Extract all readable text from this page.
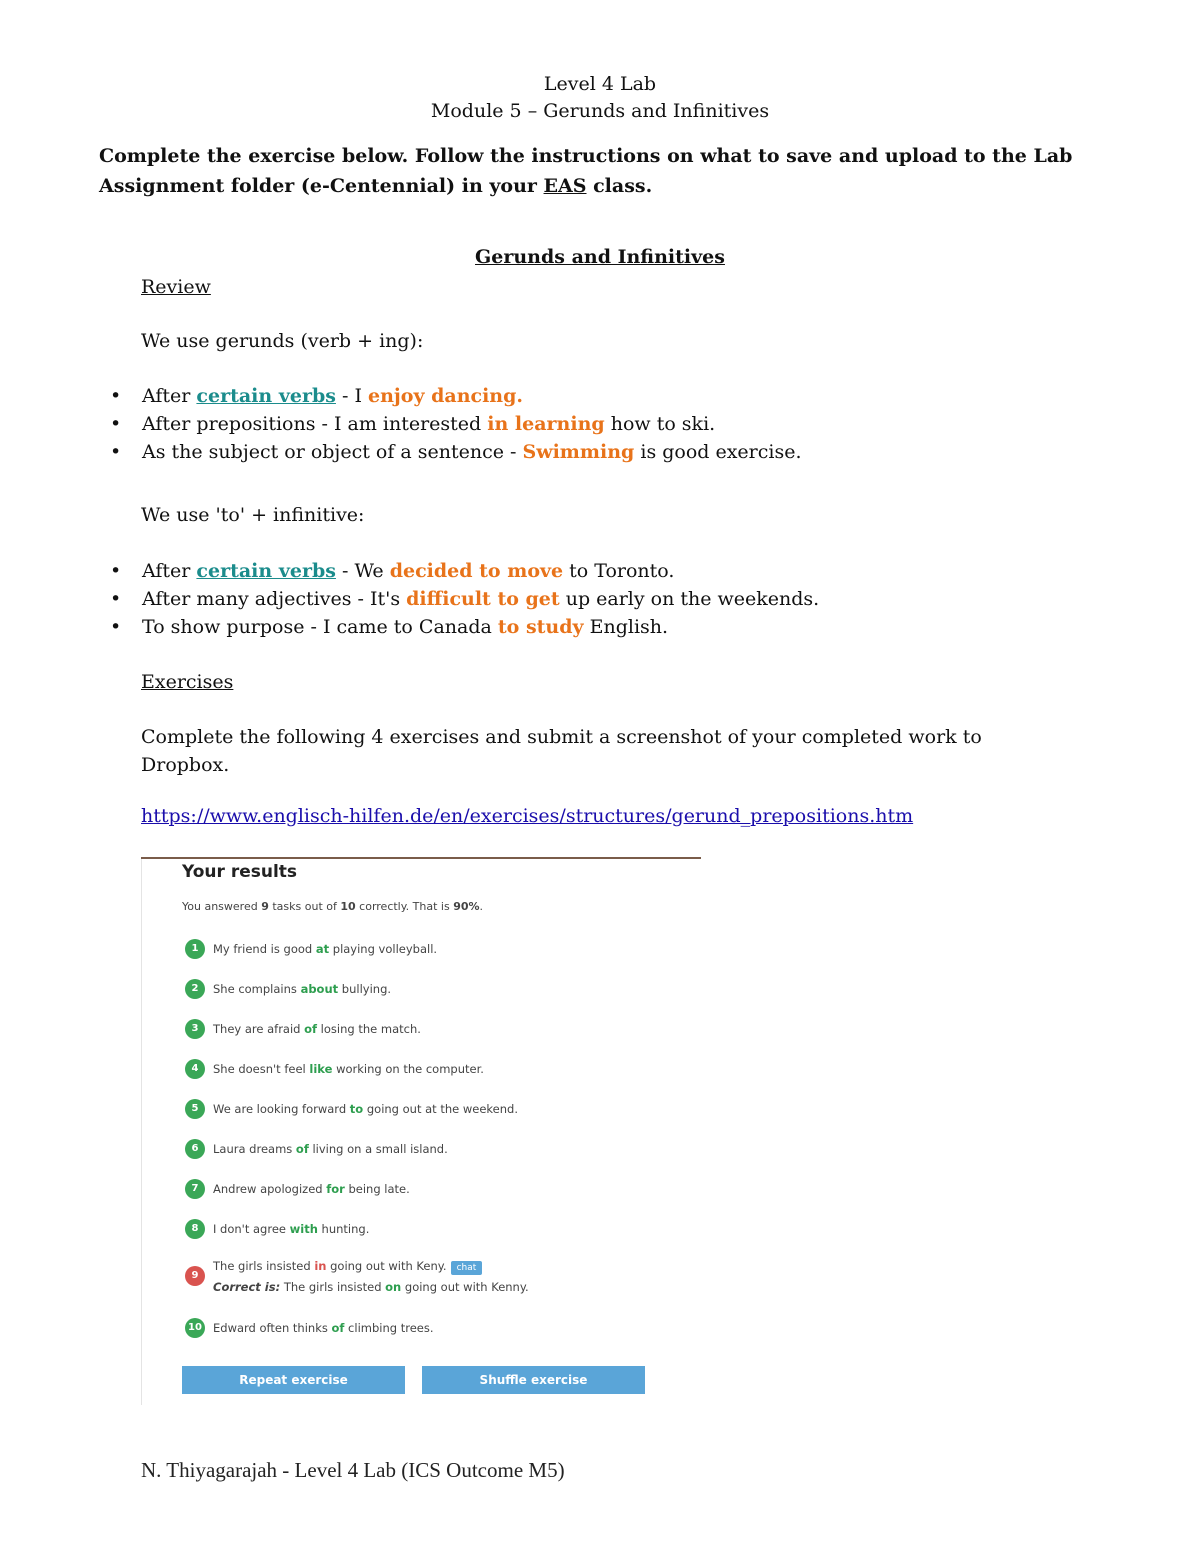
Level 4 Lab
Module 5 – Gerunds and Infinitives
Complete the exercise below. Follow the instructions on what to save and upload to the Lab Assignment folder (e-Centennial) in your EAS class.
Gerunds and Infinitives
Review
We use gerunds (verb + ing):
• After certain verbs - I enjoy dancing.
• After prepositions - I am interested in learning how to ski.
• As the subject or object of a sentence - Swimming is good exercise.
We use 'to' + infinitive:
• After certain verbs - We decided to move to Toronto.
• After many adjectives - It's difficult to get up early on the weekends.
• To show purpose - I came to Canada to study English.
Exercises
Complete the following 4 exercises and submit a screenshot of your completed work to Dropbox.
https://www.englisch-hilfen.de/en/exercises/structures/gerund_prepositions.htm
Your results
You answered 9 tasks out of 10 correctly. That is 90%.
1	My friend is good at playing volleyball.
2	She complains about bullying.
3	They are afraid of losing the match.
4	She doesn't feel like working on the computer.
5	We are looking forward to going out at the weekend.
6	Laura dreams of living on a small island.
7	Andrew apologized for being late.
8	I don't agree with hunting.
9
The girls insisted in going out with Keny. chat
Correct is: The girls insisted on going out with Kenny.
10 Edward often thinks of climbing trees.
Repeat exercise	Shuffle exercise
N. Thiyagarajah - Level 4 Lab (ICS Outcome M5)
